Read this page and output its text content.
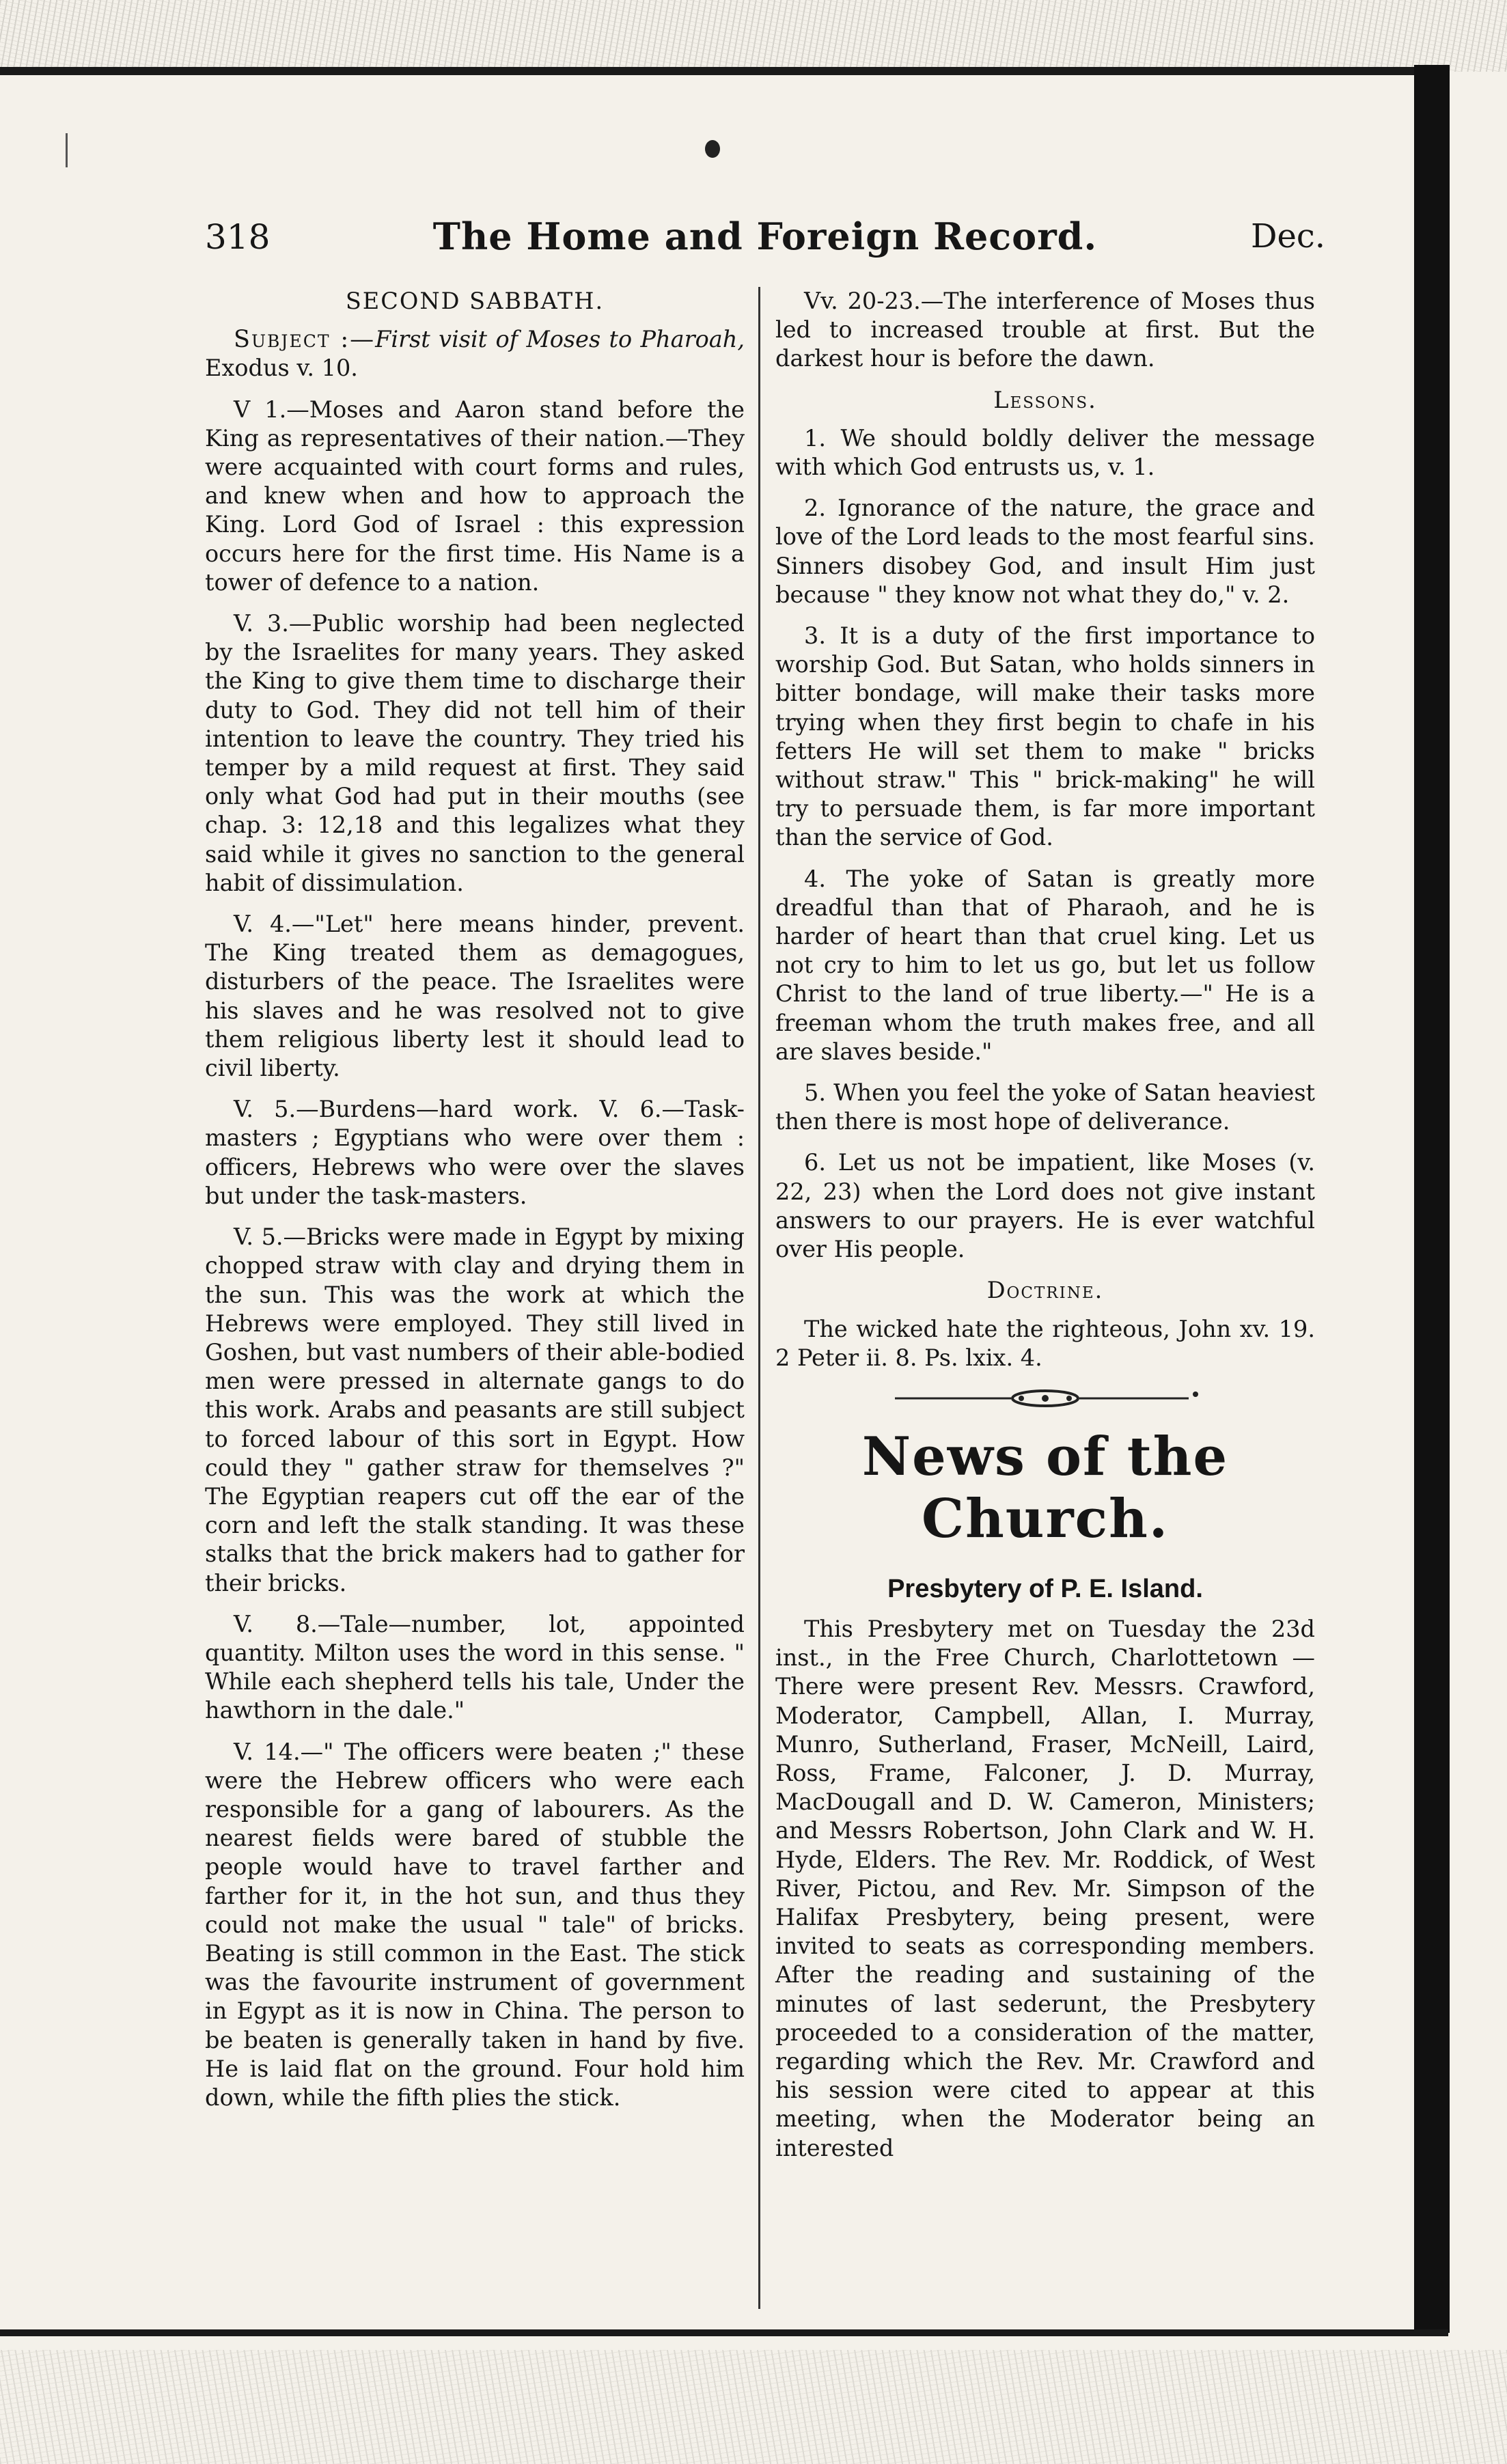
318	The Home and Foreign Record.	Dec.

SECOND SABBATH.

Subject :—First visit of Moses to Pharoah, Exodus v. 10.

V 1.—Moses and Aaron stand before the King as representatives of their nation.—They were acquainted with court forms and rules, and knew when and how to approach the King. Lord God of Israel : this expression occurs here for the first time. His Name is a tower of defence to a nation.

V. 3.—Public worship had been neglected by the Israelites for many years. They asked the King to give them time to discharge their duty to God. They did not tell him of their intention to leave the country. They tried his temper by a mild request at first. They said only what God had put in their mouths (see chap. 3: 12,18 and this legalizes what they said while it gives no sanction to the general habit of dissimulation.

V. 4.—"Let" here means hinder, prevent. The King treated them as demagogues, disturbers of the peace. The Israelites were his slaves and he was resolved not to give them religious liberty lest it should lead to civil liberty.

V. 5.—Burdens—hard work. V. 6.—Task-masters ; Egyptians who were over them : officers, Hebrews who were over the slaves but under the task-masters.

V. 5.—Bricks were made in Egypt by mixing chopped straw with clay and drying them in the sun. This was the work at which the Hebrews were employed. They still lived in Goshen, but vast numbers of their able-bodied men were pressed in alternate gangs to do this work. Arabs and peasants are still subject to forced labour of this sort in Egypt. How could they " gather straw for themselves ?" The Egyptian reapers cut off the ear of the corn and left the stalk standing. It was these stalks that the brick makers had to gather for their bricks.

V. 8.—Tale—number, lot, appointed quantity. Milton uses the word in this sense. " While each shepherd tells his tale, Under the hawthorn in the dale."

V. 14.—" The officers were beaten ;" these were the Hebrew officers who were each responsible for a gang of labourers. As the nearest fields were bared of stubble the people would have to travel farther and farther for it, in the hot sun, and thus they could not make the usual " tale" of bricks. Beating is still common in the East. The stick was the favourite instrument of government in Egypt as it is now in China. The person to be beaten is generally taken in hand by five. He is laid flat on the ground. Four hold him down, while the fifth plies the stick.

Vv. 20-23.—The interference of Moses thus led to increased trouble at first. But the darkest hour is before the dawn.

Lessons.

1. We should boldly deliver the message with which God entrusts us, v. 1.

2. Ignorance of the nature, the grace and love of the Lord leads to the most fearful sins. Sinners disobey God, and insult Him just because " they know not what they do," v. 2.

3. It is a duty of the first importance to worship God. But Satan, who holds sinners in bitter bondage, will make their tasks more trying when they first begin to chafe in his fetters He will set them to make " bricks without straw." This " brick-making" he will try to persuade them, is far more important than the service of God.

4. The yoke of Satan is greatly more dreadful than that of Pharaoh, and he is harder of heart than that cruel king. Let us not cry to him to let us go, but let us follow Christ to the land of true liberty.—" He is a freeman whom the truth makes free, and all are slaves beside."

5. When you feel the yoke of Satan heaviest then there is most hope of deliverance.

6. Let us not be impatient, like Moses (v. 22, 23) when the Lord does not give instant answers to our prayers. He is ever watchful over His people.

Doctrine.

The wicked hate the righteous, John xv. 19. 2 Peter ii. 8. Ps. lxix. 4.

News of the Church.
Presbytery of P. E. Island.

This Presbytery met on Tuesday the 23d inst., in the Free Church, Charlottetown — There were present Rev. Messrs. Crawford, Moderator, Campbell, Allan, I. Murray, Munro, Sutherland, Fraser, McNeill, Laird, Ross, Frame, Falconer, J. D. Murray, MacDougall and D. W. Cameron, Ministers; and Messrs Robertson, John Clark and W. H. Hyde, Elders. The Rev. Mr. Roddick, of West River, Pictou, and Rev. Mr. Simpson of the Halifax Presbytery, being present, were invited to seats as corresponding members. After the reading and sustaining of the minutes of last sederunt, the Presbytery proceeded to a consideration of the matter, regarding which the Rev. Mr. Crawford and his session were cited to appear at this meeting, when the Moderator being an interested
